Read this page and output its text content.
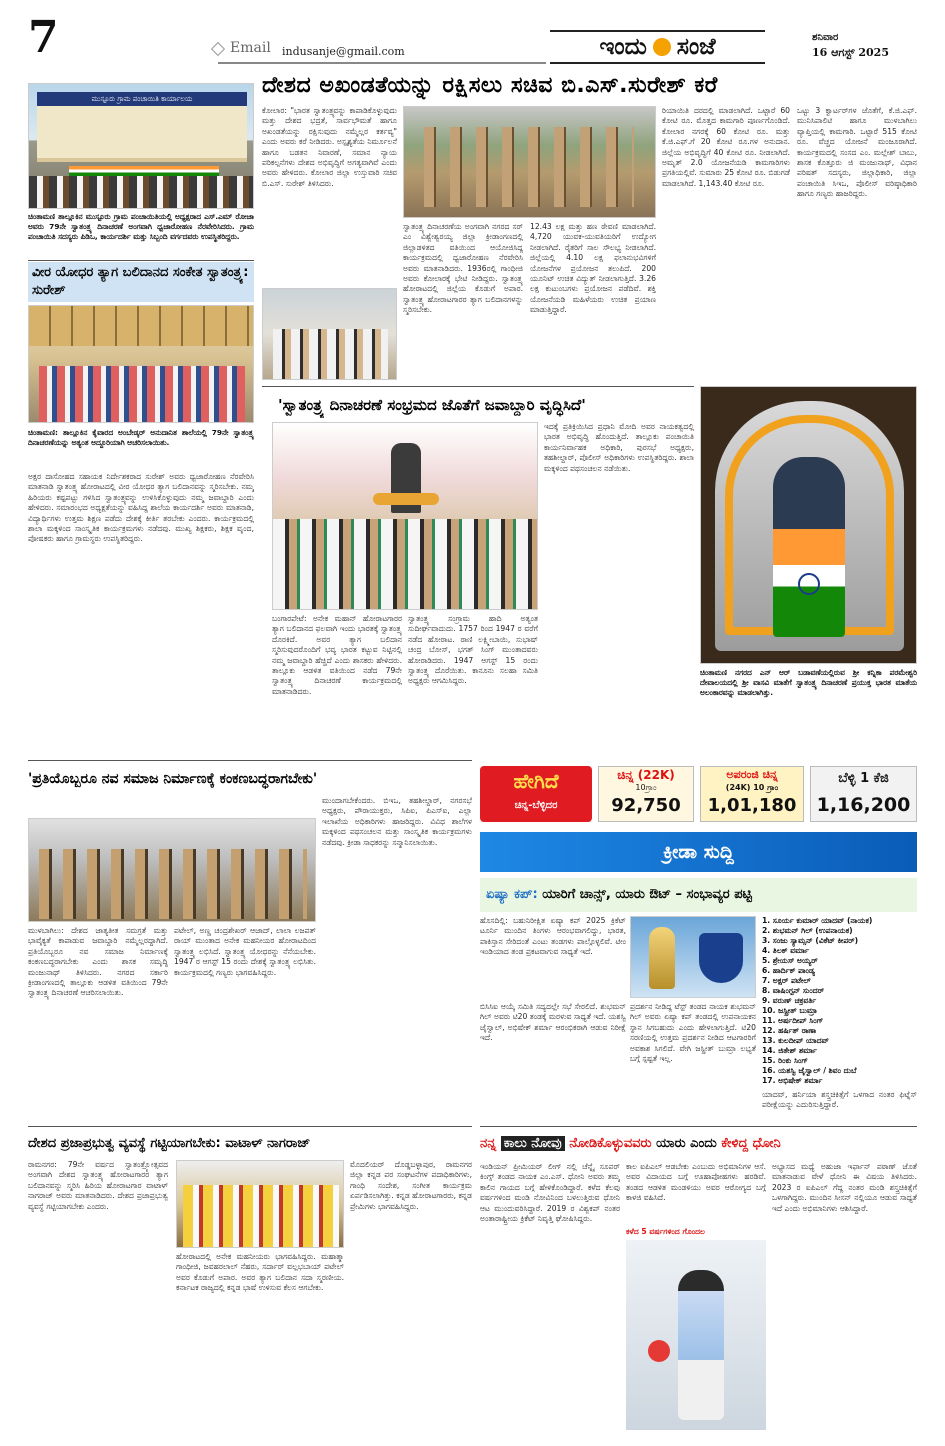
7	Email indusanje@gmail.com	ಇಂದು ಸಂಜೆ	ಶನಿವಾರ
16 ಆಗಸ್ಟ್ 2025
ಮುಸ್ಟೂರು ಗ್ರಾಮ ಪಂಚಾಯಿತಿ ಕಾರ್ಯಾಲಯ
ಚಿಂತಾಮಣಿ ತಾಲ್ಲೂಕಿನ ಮುಸ್ಟೂರು ಗ್ರಾಮ ಪಂಚಾಯಿತಿಯಲ್ಲಿ ಅಧ್ಯಕ್ಷರಾದ ಎಸ್.ಎಮ್ ರೋಜಾ ಅವರು 79ನೇ ಸ್ವಾತಂತ್ರ್ಯ ದಿನಾಚರಣೆ ಅಂಗವಾಗಿ ಧ್ವಜಾರೋಹಣ ನೆರವೇರಿಸಿದರು. ಗ್ರಾಮ ಪಂಚಾಯಿತಿ ಸದಸ್ಯರು ಪಿಡಿಒ, ಕಾರ್ಯದರ್ಶಿ ಮತ್ತು ಸಿಬ್ಬಂದಿ ವರ್ಗದವರು ಉಪಸ್ಥಿತರಿದ್ದರು.
ದೇಶದ ಅಖಂಡತೆಯನ್ನು ರಕ್ಷಿಸಲು ಸಚಿವ ಬಿ.ಎಸ್.ಸುರೇಶ್ ಕರೆ
ಕೋಲಾರ: "ಭಾರತ ಸ್ವಾತಂತ್ರ್ಯವನ್ನು ಕಾಪಾಡಿಕೊಳ್ಳುವುದು ಮತ್ತು ದೇಶದ ಭದ್ರತೆ, ಸಾರ್ವಭೌಮತೆ ಹಾಗೂ ಅಖಂಡತೆಯನ್ನು ರಕ್ಷಿಸುವುದು ನಮ್ಮೆಲ್ಲರ ಕರ್ತವ್ಯ" ಎಂದು ಅವರು ಕರೆ ನೀಡಿದರು. ಅಸ್ಪೃಶ್ಯತೆಯ ನಿರ್ಮೂಲನೆ ಹಾಗೂ ಬಡತನ ನಿವಾರಣೆ, ಸಮಾನ ನ್ಯಾಯ ಪರಿಕಲ್ಪನೆಗಳು ದೇಶದ ಅಭಿವೃದ್ಧಿಗೆ ಅಗತ್ಯವಾಗಿವೆ ಎಂದು ಅವರು ಹೇಳಿದರು. ಕೋಲಾರ ಜಿಲ್ಲಾ ಉಸ್ತುವಾರಿ ಸಚಿವ ಬಿ.ಎಸ್. ಸುರೇಶ್ ತಿಳಿಸಿದರು.
ಸ್ವಾತಂತ್ರ್ಯ ದಿನಾಚರಣೆಯ ಅಂಗವಾಗಿ ನಗರದ ಸರ್ ಎಂ ವಿಶ್ವೇಶ್ವರಯ್ಯ ಜಿಲ್ಲಾ ಕ್ರೀಡಾಂಗಣದಲ್ಲಿ ಜಿಲ್ಲಾಡಳಿತದ ವತಿಯಿಂದ ಆಯೋಜಿಸಿದ್ದ ಕಾರ್ಯಕ್ರಮದಲ್ಲಿ ಧ್ವಜಾರೋಹಣ ನೆರವೇರಿಸಿ ಅವರು ಮಾತನಾಡಿದರು. 1936ರಲ್ಲಿ ಗಾಂಧೀಜಿ ಅವರು ಕೋಲಾರಕ್ಕೆ ಭೇಟಿ ನೀಡಿದ್ದರು. ಸ್ವಾತಂತ್ರ್ಯ ಹೋರಾಟದಲ್ಲಿ ಜಿಲ್ಲೆಯ ಕೊಡುಗೆ ಅಪಾರ. ಸ್ವಾತಂತ್ರ್ಯ ಹೋರಾಟಗಾರರ ತ್ಯಾಗ ಬಲಿದಾನಗಳನ್ನು ಸ್ಮರಿಸಬೇಕು.
12.43 ಲಕ್ಷ ಮತ್ತು ಹಣ ಠೇವಣಿ ಮಾಡಲಾಗಿದೆ. 4,720 ಯುವಕ-ಯುವತಿಯರಿಗೆ ಉದ್ಯೋಗ ನೀಡಲಾಗಿದೆ. ರೈತರಿಗೆ ಸಾಲ ಸೌಲಭ್ಯ ನೀಡಲಾಗಿದೆ. ಜಿಲ್ಲೆಯಲ್ಲಿ 4.10 ಲಕ್ಷ ಫಲಾನುಭವಿಗಳಿಗೆ ಯೋಜನೆಗಳ ಪ್ರಯೋಜನ ತಲುಪಿದೆ. 200 ಯೂನಿಟ್ ಉಚಿತ ವಿದ್ಯುತ್ ನೀಡಲಾಗುತ್ತಿದೆ. 3.26 ಲಕ್ಷ ಕುಟುಂಬಗಳು ಪ್ರಯೋಜನ ಪಡೆದಿವೆ. ಶಕ್ತಿ ಯೋಜನೆಯಡಿ ಮಹಿಳೆಯರು ಉಚಿತ ಪ್ರಯಾಣ ಮಾಡುತ್ತಿದ್ದಾರೆ.
ರಿಯಾಯಿತಿ ದರದಲ್ಲಿ ಮಾಡಲಾಗಿದೆ. ಒಟ್ಟಾರೆ 60 ಕೋಟಿ ರೂ. ಮೊತ್ತದ ಕಾಮಗಾರಿ ಪೂರ್ಣಗೊಂಡಿದೆ. ಕೋಲಾರ ನಗರಕ್ಕೆ 60 ಕೋಟಿ ರೂ. ಮತ್ತು ಕೆ.ಜಿ.ಎಫ್.ಗೆ 20 ಕೋಟಿ ರೂ.ಗಳ ಅನುದಾನ. ಜಿಲ್ಲೆಯ ಅಭಿವೃದ್ಧಿಗೆ 40 ಕೋಟಿ ರೂ. ನೀಡಲಾಗಿದೆ. ಅಮೃತ್ 2.0 ಯೋಜನೆಯಡಿ ಕಾಮಗಾರಿಗಳು ಪ್ರಗತಿಯಲ್ಲಿವೆ. ಸುಮಾರು 25 ಕೋಟಿ ರೂ. ಬಿಡುಗಡೆ ಮಾಡಲಾಗಿದೆ. 1,143.40 ಕೋಟಿ ರೂ.
ಒಟ್ಟು 3 ಕ್ವಾರ್ಟರ್‌ಗಳ ಜೊತೆಗೆ, ಕೆ.ಜಿ.ಎಫ್. ಮುನಿಸಿಪಾಲಿಟಿ ಹಾಗೂ ಮುಳಬಾಗಿಲು ವ್ಯಾಪ್ತಿಯಲ್ಲಿ ಕಾಮಗಾರಿ. ಒಟ್ಟಾರೆ 515 ಕೋಟಿ ರೂ. ವೆಚ್ಚದ ಯೋಜನೆ ಮಂಜೂರಾಗಿದೆ. ಕಾರ್ಯಕ್ರಮದಲ್ಲಿ ಸಂಸದ ಎಂ. ಮಲ್ಲೇಶ್ ಬಾಬು, ಶಾಸಕ ಕೊತ್ತೂರು ಜಿ ಮಂಜುನಾಥ್, ವಿಧಾನ ಪರಿಷತ್ ಸದಸ್ಯರು, ಜಿಲ್ಲಾಧಿಕಾರಿ, ಜಿಲ್ಲಾ ಪಂಚಾಯಿತಿ ಸಿಇಒ, ಪೊಲೀಸ್ ವರಿಷ್ಠಾಧಿಕಾರಿ ಹಾಗೂ ಗಣ್ಯರು ಹಾಜರಿದ್ದರು.
ವೀರ ಯೋಧರ ತ್ಯಾಗ ಬಲಿದಾನದ ಸಂಕೇತ ಸ್ವಾತಂತ್ರ್ಯ: ಸುರೇಶ್
ಚಿಂತಾಮಣಿ: ತಾಲ್ಲೂಕಿನ ಕೈವಾರದ ಅಂಬೇಡ್ಕರ್ ಅನುದಾನಿತ ಶಾಲೆಯಲ್ಲಿ 79ನೇ ಸ್ವಾತಂತ್ರ್ಯ ದಿನಾಚರಣೆಯನ್ನು ಅತ್ಯಂತ ಅದ್ದೂರಿಯಾಗಿ ಆಚರಿಸಲಾಯಿತು.
ಅಕ್ಷರ ದಾಸೋಹದ ಸಹಾಯಕ ನಿರ್ದೇಶಕರಾದ ಸುರೇಶ್ ಅವರು ಧ್ವಜಾರೋಹಣ ನೆರವೇರಿಸಿ ಮಾತನಾಡಿ ಸ್ವಾತಂತ್ರ್ಯ ಹೋರಾಟದಲ್ಲಿ ವೀರ ಯೋಧರ ತ್ಯಾಗ ಬಲಿದಾನವನ್ನು ಸ್ಮರಿಸಬೇಕು. ನಮ್ಮ ಹಿರಿಯರು ಕಷ್ಟಪಟ್ಟು ಗಳಿಸಿದ ಸ್ವಾತಂತ್ರ್ಯವನ್ನು ಉಳಿಸಿಕೊಳ್ಳುವುದು ನಮ್ಮ ಜವಾಬ್ದಾರಿ ಎಂದು ಹೇಳಿದರು. ಸಮಾರಂಭದ ಅಧ್ಯಕ್ಷತೆಯನ್ನು ವಹಿಸಿದ್ದ ಶಾಲೆಯ ಕಾರ್ಯದರ್ಶಿ ಅವರು ಮಾತನಾಡಿ, ವಿದ್ಯಾರ್ಥಿಗಳು ಉತ್ತಮ ಶಿಕ್ಷಣ ಪಡೆದು ದೇಶಕ್ಕೆ ಕೀರ್ತಿ ತರಬೇಕು ಎಂದರು. ಕಾರ್ಯಕ್ರಮದಲ್ಲಿ ಶಾಲಾ ಮಕ್ಕಳಿಂದ ಸಾಂಸ್ಕೃತಿಕ ಕಾರ್ಯಕ್ರಮಗಳು ನಡೆದವು. ಮುಖ್ಯ ಶಿಕ್ಷಕರು, ಶಿಕ್ಷಕ ವೃಂದ, ಪೋಷಕರು ಹಾಗೂ ಗ್ರಾಮಸ್ಥರು ಉಪಸ್ಥಿತರಿದ್ದರು.
'ಸ್ವಾತಂತ್ರ್ಯ ದಿನಾಚರಣೆ ಸಂಭ್ರಮದ ಜೊತೆಗೆ ಜವಾಬ್ದಾರಿ ವೃದ್ಧಿಸಿದೆ'
ಇದಕ್ಕೆ ಪ್ರತಿಕ್ರಿಯಿಸಿದ ಪ್ರಧಾನಿ ಮೋದಿ ಅವರ ನಾಯಕತ್ವದಲ್ಲಿ ಭಾರತ ಅಭಿವೃದ್ಧಿ ಹೊಂದುತ್ತಿದೆ. ತಾಲ್ಲೂಕು ಪಂಚಾಯಿತಿ ಕಾರ್ಯನಿರ್ವಾಹಕ ಅಧಿಕಾರಿ, ಪುರಸಭೆ ಅಧ್ಯಕ್ಷರು, ತಹಶೀಲ್ದಾರ್, ಪೊಲೀಸ್ ಅಧಿಕಾರಿಗಳು ಉಪಸ್ಥಿತರಿದ್ದರು. ಶಾಲಾ ಮಕ್ಕಳಿಂದ ಪಥಸಂಚಲನ ನಡೆಯಿತು.
ಬಂಗಾರಪೇಟೆ: ಅನೇಕ ಮಹಾನ್ ಹೋರಾಟಗಾರರ ತ್ಯಾಗ ಬಲಿದಾನದ ಫಲವಾಗಿ ಇಂದು ಭಾರತಕ್ಕೆ ಸ್ವಾತಂತ್ರ್ಯ ದೊರಕಿದೆ. ಅವರ ತ್ಯಾಗ ಬಲಿದಾನ ಸ್ಮರಿಸುವುದರೊಂದಿಗೆ ಭವ್ಯ ಭಾರತ ಕಟ್ಟುವ ನಿಟ್ಟಿನಲ್ಲಿ ನಮ್ಮ ಜವಾಬ್ದಾರಿ ಹೆಚ್ಚಿದೆ ಎಂದು ಶಾಸಕರು ಹೇಳಿದರು. ತಾಲ್ಲೂಕು ಆಡಳಿತ ವತಿಯಿಂದ ನಡೆದ 79ನೇ ಸ್ವಾತಂತ್ರ್ಯ ದಿನಾಚರಣೆ ಕಾರ್ಯಕ್ರಮದಲ್ಲಿ ಮಾತನಾಡಿದರು.
ಸ್ವಾತಂತ್ರ್ಯ ಸಂಗ್ರಾಮ ಹಾದಿ ಅತ್ಯಂತ ಸುದೀರ್ಘವಾದುದು. 1757 ರಿಂದ 1947 ರ ವರೆಗೆ ನಡೆದ ಹೋರಾಟ. ರಾಣಿ ಲಕ್ಷ್ಮೀಬಾಯಿ, ಸುಭಾಷ್ ಚಂದ್ರ ಬೋಸ್, ಭಗತ್ ಸಿಂಗ್ ಮುಂತಾದವರು ಹೋರಾಡಿದರು. 1947 ಆಗಸ್ಟ್ 15 ರಂದು ಸ್ವಾತಂತ್ರ್ಯ ದೊರೆಯಿತು. ಕಾನೂನು ಸಲಹಾ ಸಮಿತಿ ಅಧ್ಯಕ್ಷರು ಆಗಮಿಸಿದ್ದರು.
ಚಿಂತಾಮಣಿ ನಗರದ ಎನ್ ಆರ್ ಬಡಾವಣೆಯಲ್ಲಿರುವ ಶ್ರೀ ಕನ್ನಿಕಾ ಪರಮೇಶ್ವರಿ ದೇವಾಲಯದಲ್ಲಿ ಶ್ರೀ ವಾಸವಿ ಮಾತೆಗೆ ಸ್ವಾತಂತ್ರ್ಯ ದಿನಾಚರಣೆ ಪ್ರಯುಕ್ತ ಭಾರತ ಮಾತೆಯ ಅಲಂಕಾರವನ್ನು ಮಾಡಲಾಗಿತ್ತು.
'ಪ್ರತಿಯೊಬ್ಬರೂ ನವ ಸಮಾಜ ನಿರ್ಮಾಣಕ್ಕೆ ಕಂಕಣಬದ್ಧರಾಗಬೇಕು'
ಮುಂದಾಗಬೇಕೆಂದರು. ಬಿಇಒ, ತಹಶೀಲ್ದಾರ್, ನಗರಸಭೆ ಅಧ್ಯಕ್ಷರು, ಪೌರಾಯುಕ್ತರು, ಸಿಪಿಐ, ಪಿಎಸ್ಐ, ಎಲ್ಲಾ ಇಲಾಖೆಯ ಅಧಿಕಾರಿಗಳು ಹಾಜರಿದ್ದರು. ವಿವಿಧ ಶಾಲೆಗಳ ಮಕ್ಕಳಿಂದ ಪಥಸಂಚಲನ ಮತ್ತು ಸಾಂಸ್ಕೃತಿಕ ಕಾರ್ಯಕ್ರಮಗಳು ನಡೆದವು. ಕ್ರೀಡಾ ಸಾಧಕರನ್ನು ಸನ್ಮಾನಿಸಲಾಯಿತು.
ಮುಳಬಾಗಿಲು: ದೇಶದ ಜಾತ್ಯತೀತ ಸಮಗ್ರತೆ ಮತ್ತು ಭಾವೈಕ್ಯತೆ ಕಾಪಾಡುವ ಜವಾಬ್ದಾರಿ ನಮ್ಮೆಲ್ಲರದ್ದಾಗಿದೆ. ಪ್ರತಿಯೊಬ್ಬರೂ ನವ ಸಮಾಜ ನಿರ್ಮಾಣಕ್ಕೆ ಕಂಕಣಬದ್ಧರಾಗಬೇಕು ಎಂದು ಶಾಸಕ ಸಮೃದ್ಧಿ ಮಂಜುನಾಥ್ ತಿಳಿಸಿದರು. ನಗರದ ಸರ್ಕಾರಿ ಕ್ರೀಡಾಂಗಣದಲ್ಲಿ ತಾಲ್ಲೂಕು ಆಡಳಿತ ವತಿಯಿಂದ 79ನೇ ಸ್ವಾತಂತ್ರ್ಯ ದಿನಾಚರಣೆ ಆಚರಿಸಲಾಯಿತು.
ಪಟೇಲ್, ಅಣ್ಣ ಚಂದ್ರಶೇಖರ್ ಆಜಾದ್, ಲಾಲಾ ಲಜಪತ್ ರಾಯ್ ಮುಂತಾದ ಅನೇಕ ಮಹನೀಯರ ಹೋರಾಟದಿಂದ ಸ್ವಾತಂತ್ರ್ಯ ಲಭಿಸಿದೆ. ಸ್ವಾತಂತ್ರ್ಯ ಯೋಧರನ್ನು ನೆನೆಯಬೇಕು. 1947 ರ ಆಗಸ್ಟ್ 15 ರಂದು ದೇಶಕ್ಕೆ ಸ್ವಾತಂತ್ರ್ಯ ಲಭಿಸಿತು. ಕಾರ್ಯಕ್ರಮದಲ್ಲಿ ಗಣ್ಯರು ಭಾಗವಹಿಸಿದ್ದರು.
ದೇಶದ ಪ್ರಜಾಪ್ರಭುತ್ವ ವ್ಯವಸ್ಥೆ ಗಟ್ಟಿಯಾಗಬೇಕು: ವಾಟಾಳ್ ನಾಗರಾಜ್
ರಾಮನಗರ: 79ನೇ ವರ್ಷದ ಸ್ವಾತಂತ್ರ್ಯೋತ್ಸವದ ಅಂಗವಾಗಿ ದೇಶದ ಸ್ವಾತಂತ್ರ್ಯ ಹೋರಾಟಗಾರರ ತ್ಯಾಗ ಬಲಿದಾನವನ್ನು ಸ್ಮರಿಸಿ ಹಿರಿಯ ಹೋರಾಟಗಾರ ವಾಟಾಳ್ ನಾಗರಾಜ್ ಅವರು ಮಾತನಾಡಿದರು. ದೇಶದ ಪ್ರಜಾಪ್ರಭುತ್ವ ವ್ಯವಸ್ಥೆ ಗಟ್ಟಿಯಾಗಬೇಕು ಎಂದರು.
ಹೋರಾಟದಲ್ಲಿ ಅನೇಕ ಮಹನೀಯರು ಭಾಗವಹಿಸಿದ್ದರು. ಮಹಾತ್ಮಾ ಗಾಂಧೀಜಿ, ಜವಹರಲಾಲ್ ನೆಹರು, ಸರ್ದಾರ್ ವಲ್ಲಭಬಾಯ್ ಪಟೇಲ್ ಅವರ ಕೊಡುಗೆ ಅಪಾರ. ಅವರ ತ್ಯಾಗ ಬಲಿದಾನ ಸದಾ ಸ್ಮರಣೀಯ. ಕರ್ನಾಟಕ ರಾಜ್ಯದಲ್ಲಿ ಕನ್ನಡ ಭಾಷೆ ಉಳಿಸುವ ಕೆಲಸ ಆಗಬೇಕು.
ಮೊದಲಿಯರ್ ದೊಡ್ಡಬಳ್ಳಾಪುರ, ರಾಮನಗರ ಜಿಲ್ಲಾ ಕನ್ನಡ ಪರ ಸಂಘಟನೆಗಳ ಪದಾಧಿಕಾರಿಗಳು, ಗಾಂಧಿ ಸಂದೇಶ, ಸಂಗೀತ ಕಾರ್ಯಕ್ರಮ ಏರ್ಪಡಿಸಲಾಗಿತ್ತು. ಕನ್ನಡ ಹೋರಾಟಗಾರರು, ಕನ್ನಡ ಪ್ರೇಮಿಗಳು ಭಾಗವಹಿಸಿದ್ದರು.
ಹೇಗಿದೆ
ಚಿನ್ನ-ಬೆಳ್ಳಿದರ
ಚಿನ್ನ (22K)
10ಗ್ರಾಂ
92,750
ಅಪರಂಜಿ ಚಿನ್ನ
(24K) 10 ಗ್ರಾಂ
1,01,180
ಬೆಳ್ಳಿ 1 ಕೆಜಿ
1,16,200
ಕ್ರೀಡಾ ಸುದ್ದಿ
ಏಷ್ಯಾ ಕಪ್: ಯಾರಿಗೆ ಚಾನ್ಸ್, ಯಾರು ಔಟ್ – ಸಂಭಾವ್ಯರ ಪಟ್ಟಿ
ಹೊಸದಿಲ್ಲಿ: ಬಹುನಿರೀಕ್ಷಿತ ಏಷ್ಯಾ ಕಪ್ 2025 ಕ್ರಿಕೆಟ್ ಟೂರ್ನಿ ಮುಂದಿನ ತಿಂಗಳು ಆರಂಭವಾಗಲಿದ್ದು, ಭಾರತ, ಪಾಕಿಸ್ತಾನ ಸೇರಿದಂತೆ ಎಂಟು ತಂಡಗಳು ಪಾಲ್ಗೊಳ್ಳಲಿವೆ. ಟೀಂ ಇಂಡಿಯಾದ ತಂಡ ಪ್ರಕಟವಾಗುವ ಸಾಧ್ಯತೆ ಇದೆ.
ಬಿಸಿಸಿಐ ಆಯ್ಕೆ ಸಮಿತಿ ಸದ್ಯದಲ್ಲೇ ಸಭೆ ಸೇರಲಿದೆ. ಶುಭಮನ್ ಗಿಲ್ ಅವರು ಟಿ20 ತಂಡಕ್ಕೆ ಮರಳುವ ಸಾಧ್ಯತೆ ಇದೆ. ಯಶಸ್ವಿ ಜೈಸ್ವಾಲ್, ಅಭಿಷೇಕ್ ಶರ್ಮಾ ಆರಂಭಿಕರಾಗಿ ಆಡುವ ನಿರೀಕ್ಷೆ ಇದೆ.
ಪ್ರದರ್ಶನ ನೀಡಿದ್ದ ಟೆಸ್ಟ್ ತಂಡದ ನಾಯಕ ಶುಭಮನ್ ಗಿಲ್ ಅವರು ಏಷ್ಯಾ ಕಪ್ ತಂಡದಲ್ಲಿ ಉಪನಾಯಕನ ಸ್ಥಾನ ಸಿಗಬಹುದು ಎಂದು ಹೇಳಲಾಗುತ್ತಿದೆ. ಟಿ20 ಸರಣಿಯಲ್ಲಿ ಉತ್ತಮ ಪ್ರದರ್ಶನ ನೀಡಿದ ಆಟಗಾರರಿಗೆ ಅವಕಾಶ ಸಿಗಲಿದೆ. ವೇಗಿ ಜಸ್ಪ್ರೀತ್ ಬುಮ್ರಾ ಲಭ್ಯತೆ ಬಗ್ಗೆ ಸ್ಪಷ್ಟತೆ ಇಲ್ಲ.
1. ಸೂರ್ಯ ಕುಮಾರ್ ಯಾದವ್ (ನಾಯಕ)
2. ಶುಭಮನ್ ಗಿಲ್ (ಉಪನಾಯಕ)
3. ಸಂಜು ಸ್ಯಾಮ್ಸನ್ (ವಿಕೆಟ್ ಕೀಪರ್)
4. ತಿಲಕ್ ವರ್ಮಾ
5. ಶ್ರೇಯಸ್ ಅಯ್ಯರ್
6. ಹಾರ್ದಿಕ್ ಪಾಂಡ್ಯ
7. ಅಕ್ಷರ್ ಪಟೇಲ್
8. ವಾಷಿಂಗ್ಟನ್ ಸುಂದರ್
9. ವರುಣ್ ಚಕ್ರವರ್ತಿ
10. ಜಸ್ಪ್ರೀತ್ ಬುಮ್ರಾ
11. ಅರ್ಷದೀಪ್ ಸಿಂಗ್
12. ಹರ್ಷಿತ್ ರಾಣಾ
13. ಕುಲದೀಪ್ ಯಾದವ್
14. ಜಿತೇಶ್ ಶರ್ಮಾ
15. ರಿಂಕು ಸಿಂಗ್
16. ಯಶಸ್ವಿ ಜೈಸ್ವಾಲ್ / ಶಿವಂ ದುಬೆ
17. ಅಭಿಷೇಕ್ ಶರ್ಮಾ
ಯಾದವ್, ಹರ್ನಿಯಾ ಶಸ್ತ್ರಚಿಕಿತ್ಸೆಗೆ ಒಳಗಾದ ನಂತರ ಫಿಟ್ನೆಸ್ ಪರೀಕ್ಷೆಯನ್ನು ಎದುರಿಸುತ್ತಿದ್ದಾರೆ.
ನನ್ನ ಕಾಲು ನೋವು ನೋಡಿಕೊಳ್ಳುವವರು ಯಾರು ಎಂದು ಕೇಳಿದ್ದ ಧೋನಿ
ಇಂಡಿಯನ್ ಪ್ರೀಮಿಯರ್ ಲೀಗ್ ನಲ್ಲಿ ಚೆನ್ನೈ ಸೂಪರ್ ಕಿಂಗ್ಸ್ ತಂಡದ ನಾಯಕ ಎಂ.ಎಸ್. ಧೋನಿ ಅವರು ತಮ್ಮ ಕಾಲಿನ ಗಾಯದ ಬಗ್ಗೆ ಹೇಳಿಕೊಂಡಿದ್ದಾರೆ. ಕಳೆದ ಕೆಲವು ವರ್ಷಗಳಿಂದ ಮಂಡಿ ನೋವಿನಿಂದ ಬಳಲುತ್ತಿರುವ ಧೋನಿ ಆಟ ಮುಂದುವರಿಸಿದ್ದಾರೆ. 2019 ರ ವಿಶ್ವಕಪ್ ನಂತರ ಅಂತಾರಾಷ್ಟ್ರೀಯ ಕ್ರಿಕೆಟ್ ನಿವೃತ್ತಿ ಘೋಷಿಸಿದ್ದರು.
ಕಾಲ ಐಪಿಎಲ್ ಆಡಬೇಕು ಎಂಬುದು ಅಭಿಮಾನಿಗಳ ಆಸೆ. ಅವರ ವಿದಾಯದ ಬಗ್ಗೆ ಊಹಾಪೋಹಗಳು ಹರಡಿವೆ. ತಂಡದ ಆಡಳಿತ ಮಂಡಳಿಯು ಅವರ ಆರೋಗ್ಯದ ಬಗ್ಗೆ ಕಾಳಜಿ ವಹಿಸಿದೆ.
ಕಳೆದ 5 ವರ್ಷಗಳಿಂದ ಗೊಂದಲ
ಅಭ್ಯಾಸದ ಮಧ್ಯೆ ಅಹುಜಾ ಇರ್ಫಾನ್ ಪಠಾಣ್ ಜೊತೆ ಮಾತನಾಡುವ ವೇಳೆ ಧೋನಿ ಈ ವಿಷಯ ತಿಳಿಸಿದರು. 2023 ರ ಐಪಿಎಲ್ ಗೆದ್ದ ನಂತರ ಮಂಡಿ ಶಸ್ತ್ರಚಿಕಿತ್ಸೆಗೆ ಒಳಗಾಗಿದ್ದರು. ಮುಂದಿನ ಸೀಸನ್ ನಲ್ಲಿಯೂ ಆಡುವ ಸಾಧ್ಯತೆ ಇದೆ ಎಂದು ಅಭಿಮಾನಿಗಳು ಆಶಿಸಿದ್ದಾರೆ.
